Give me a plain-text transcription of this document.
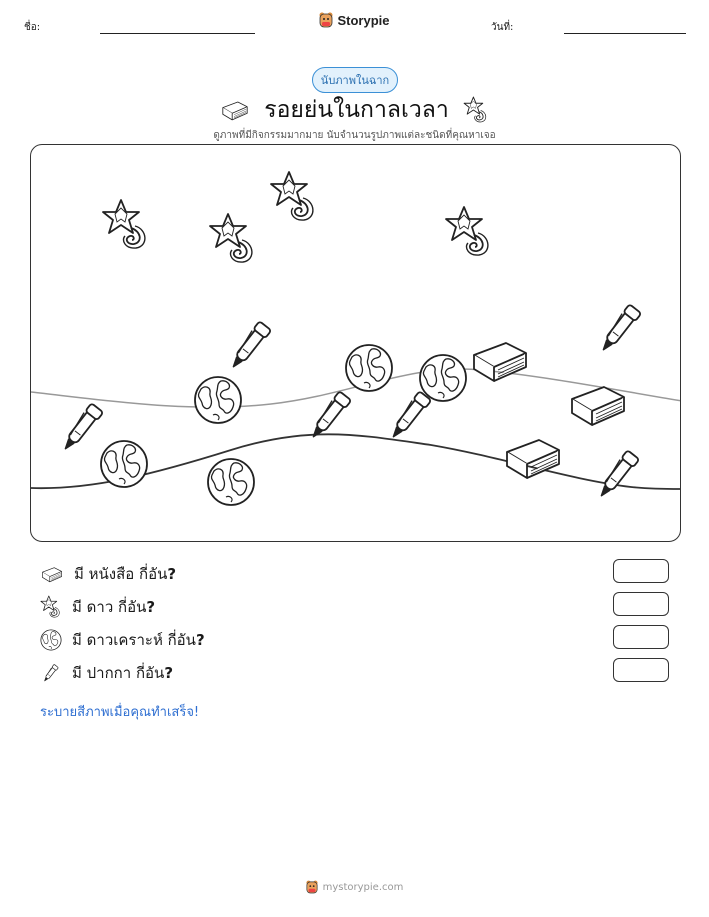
ชื่อ:	วันที่:
Storypie
นับภาพในฉาก
รอยย่นในกาลเวลา
ดูภาพที่มีกิจกรรมมากมาย นับจำนวนรูปภาพแต่ละชนิดที่คุณหาเจอ
มี หนังสือ กี่อัน?
มี ดาว กี่อัน?
มี ดาวเคราะห์ กี่อัน?
มี ปากกา กี่อัน?
ระบายสีภาพเมื่อคุณทำเสร็จ!
mystorypie.com
